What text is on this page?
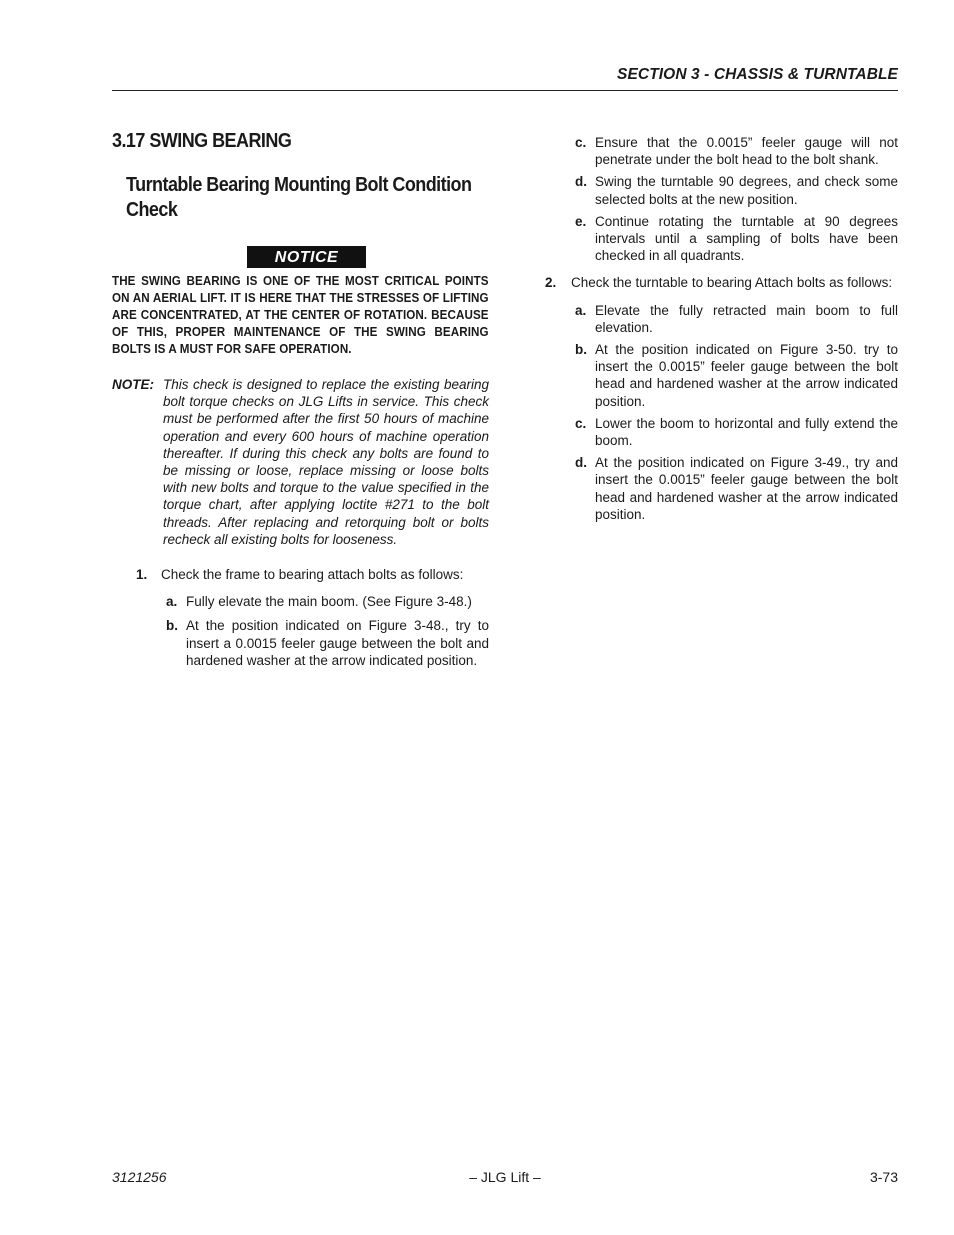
SECTION 3 - CHASSIS & TURNTABLE
3.17 SWING BEARING
Turntable Bearing Mounting Bolt Condition Check
NOTICE
THE SWING BEARING IS ONE OF THE MOST CRITICAL POINTS ON AN AERIAL LIFT. IT IS HERE THAT THE STRESSES OF LIFTING ARE CONCENTRATED, AT THE CENTER OF ROTATION. BECAUSE OF THIS, PROPER MAINTENANCE OF THE SWING BEARING BOLTS IS A MUST FOR SAFE OPERATION.
NOTE: This check is designed to replace the existing bearing bolt torque checks on JLG Lifts in service. This check must be performed after the first 50 hours of machine operation and every 600 hours of machine operation thereafter. If during this check any bolts are found to be missing or loose, replace missing or loose bolts with new bolts and torque to the value specified in the torque chart, after applying loctite #271 to the bolt threads. After replacing and retorquing bolt or bolts recheck all existing bolts for looseness.
1. Check the frame to bearing attach bolts as follows:
a. Fully elevate the main boom. (See Figure 3-48.)
b. At the position indicated on Figure 3-48., try to insert a 0.0015 feeler gauge between the bolt and hardened washer at the arrow indicated position.
c. Ensure that the 0.0015” feeler gauge will not penetrate under the bolt head to the bolt shank.
d. Swing the turntable 90 degrees, and check some selected bolts at the new position.
e. Continue rotating the turntable at 90 degrees intervals until a sampling of bolts have been checked in all quadrants.
2. Check the turntable to bearing Attach bolts as follows:
a. Elevate the fully retracted main boom to full elevation.
b. At the position indicated on Figure 3-50. try to insert the 0.0015” feeler gauge between the bolt head and hardened washer at the arrow indicated position.
c. Lower the boom to horizontal and fully extend the boom.
d. At the position indicated on Figure 3-49., try and insert the 0.0015” feeler gauge between the bolt head and hardened washer at the arrow indicated position.
3121256	– JLG Lift –	3-73
